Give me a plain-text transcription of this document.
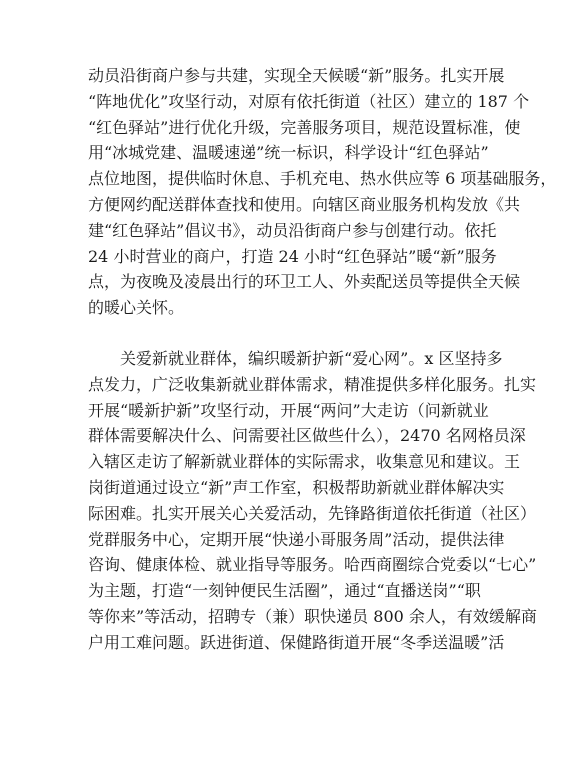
动员沿街商户参与共建，实现全天候暖“新”服务。扎实开展
“阵地优化”攻坚行动，对原有依托街道（社区）建立的 187 个
“红色驿站”进行优化升级，完善服务项目，规范设置标准，使
用“冰城党建、温暖速递”统一标识，科学设计“红色驿站”
点位地图，提供临时休息、手机充电、热水供应等 6 项基础服务，
方便网约配送群体查找和使用。向辖区商业服务机构发放《共
建“红色驿站”倡议书》，动员沿街商户参与创建行动。依托
24 小时营业的商户，打造 24 小时“红色驿站”暖“新”服务
点，为夜晚及凌晨出行的环卫工人、外卖配送员等提供全天候
的暖心关怀。
　　关爱新就业群体，编织暖新护新“爱心网”。x 区坚持多
点发力，广泛收集新就业群体需求，精准提供多样化服务。扎实
开展“暖新护新”攻坚行动，开展“两问”大走访（问新就业
群体需要解决什么、问需要社区做些什么），2470 名网格员深
入辖区走访了解新就业群体的实际需求，收集意见和建议。王
岗街道通过设立“新”声工作室，积极帮助新就业群体解决实
际困难。扎实开展关心关爱活动，先锋路街道依托街道（社区）
党群服务中心，定期开展“快递小哥服务周”活动，提供法律
咨询、健康体检、就业指导等服务。哈西商圈综合党委以“七心”
为主题，打造“一刻钟便民生活圈”，通过“直播送岗”“职
等你来”等活动，招聘专（兼）职快递员 800 余人，有效缓解商
户用工难问题。跃进街道、保健路街道开展“冬季送温暖”活
